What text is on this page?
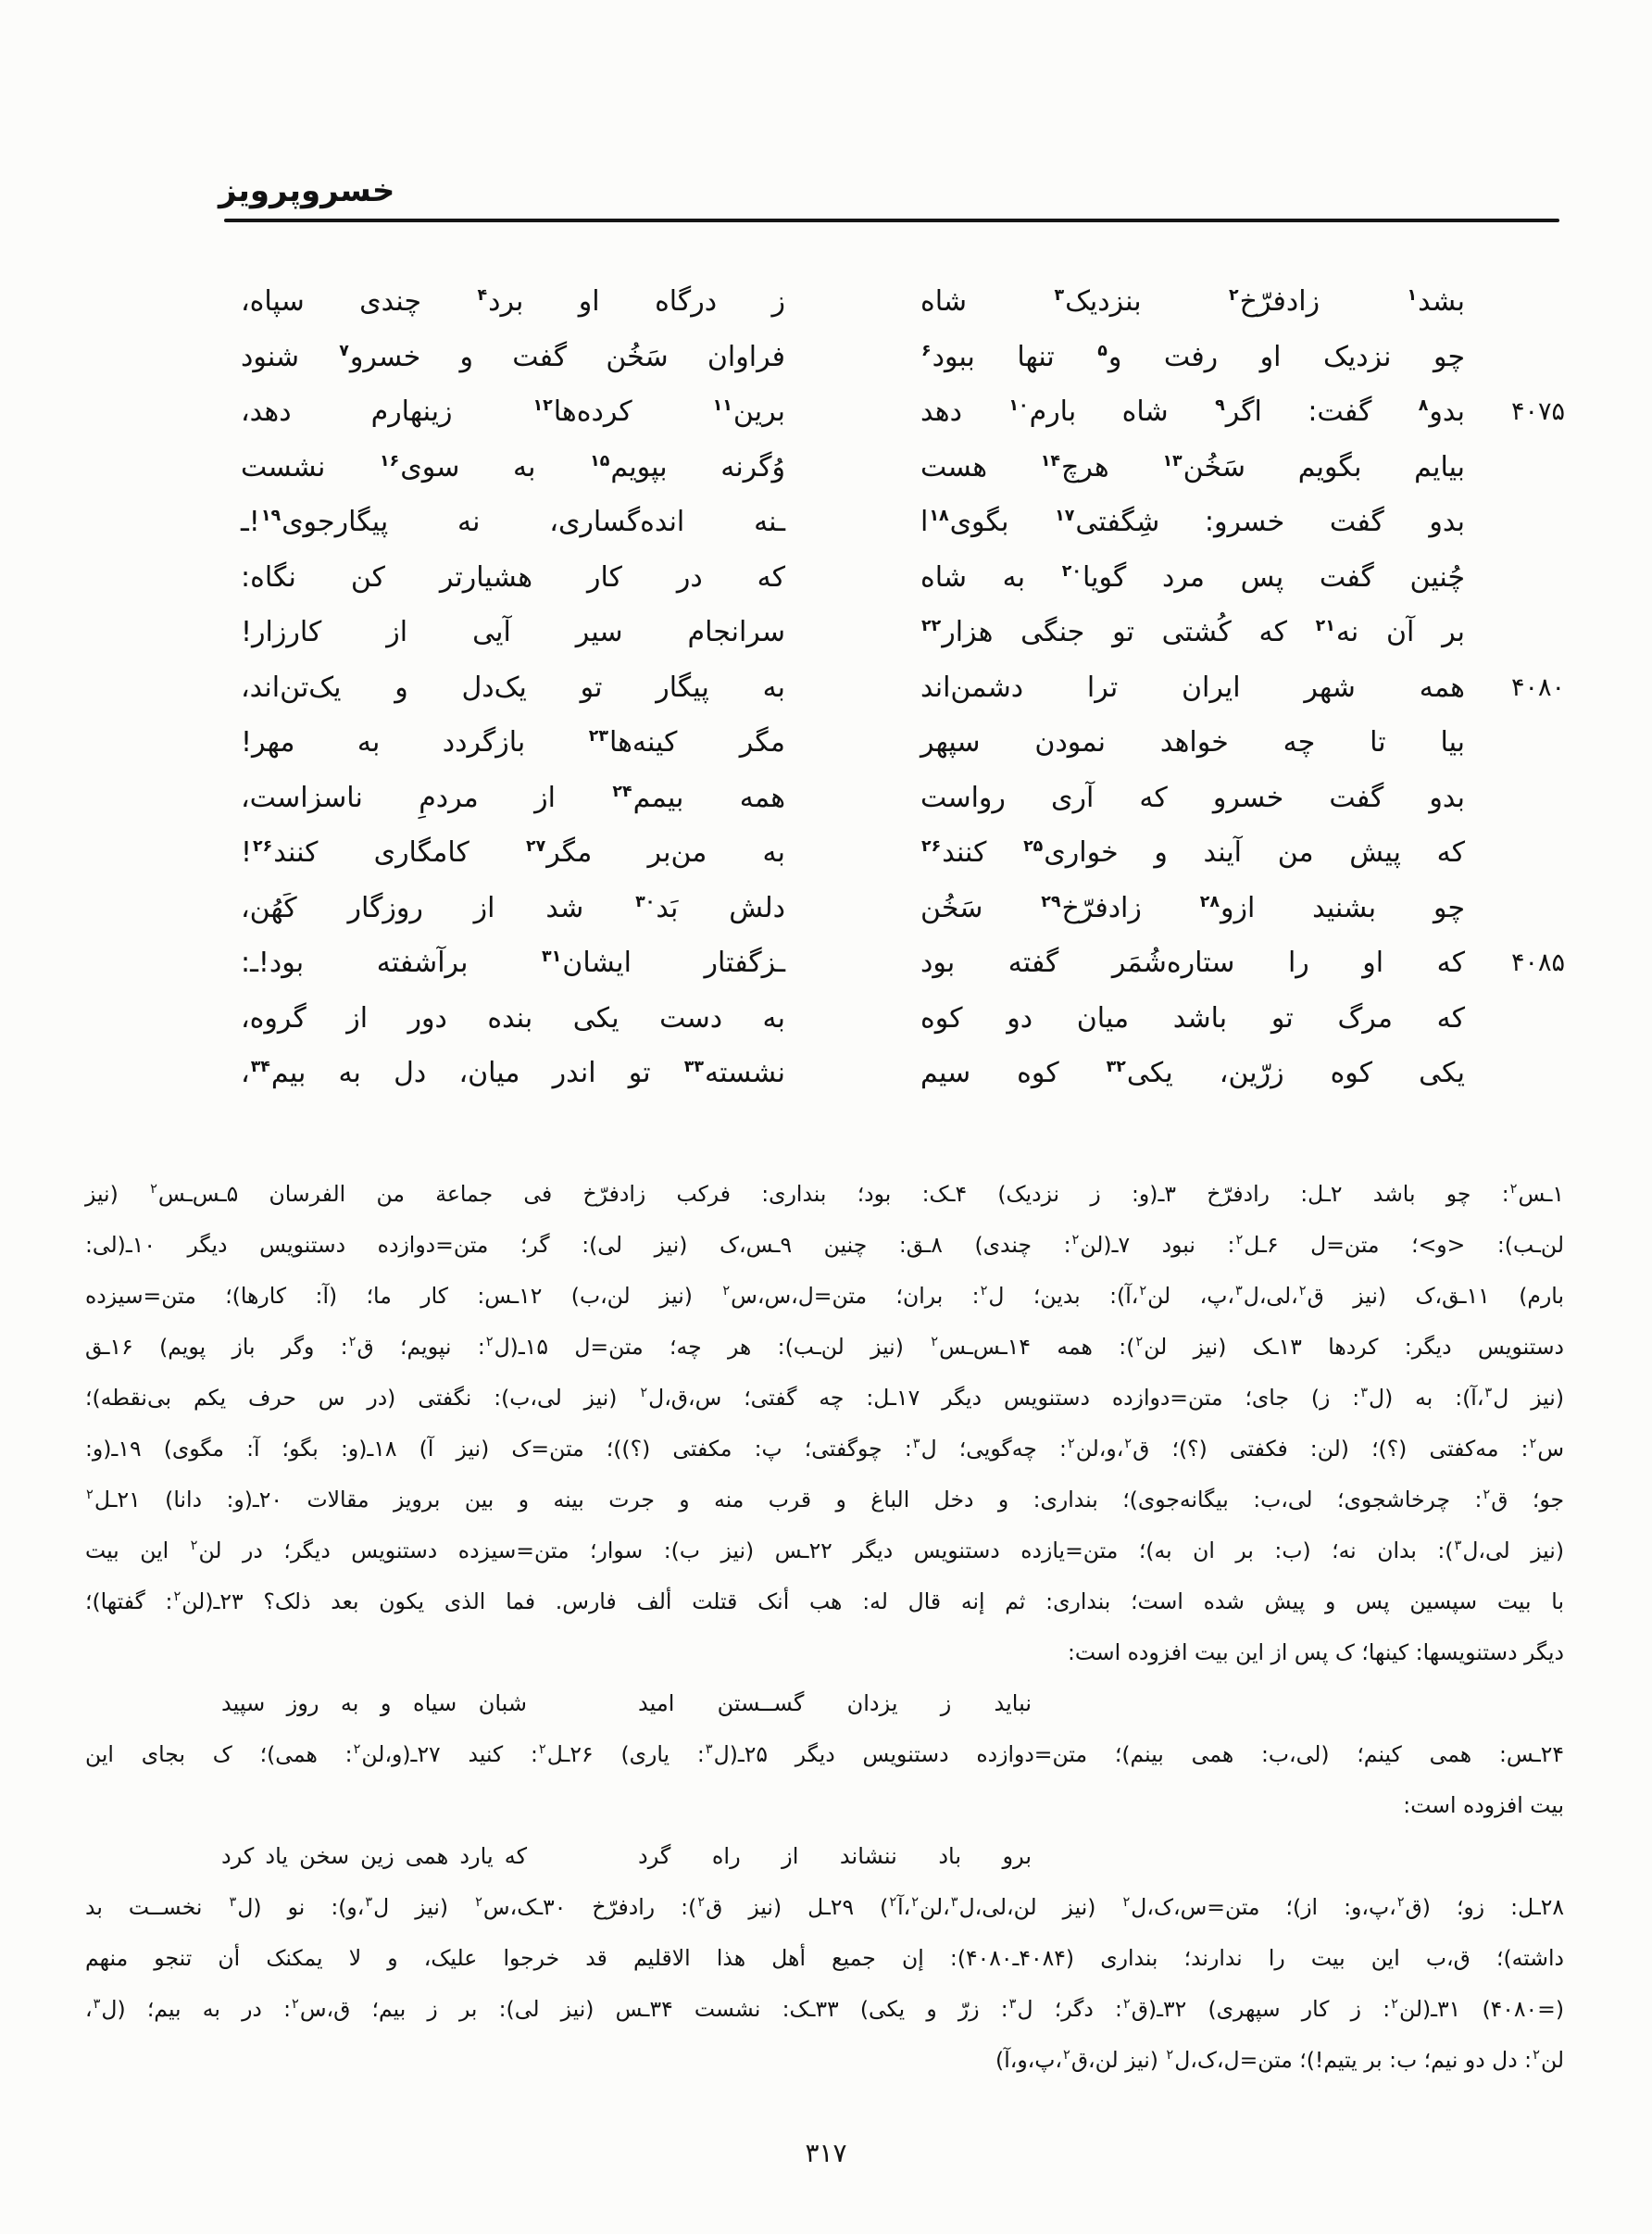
خسروپرویز
بشد$^۱$ زادفرّخ$^۲$ بنزدیک$^۳$ شاه
ز درگاه او برد$^۴$ چندی سپاه،
چو نزدیک او رفت و$^۵$ تنها ببود$^۶$
فراوان سَخُن گفت و خسرو$^۷$ شنود
۴۰۷۵
بدو$^۸$ گفت: اگر$^۹$ شاه بارم$^{۱۰}$ دهد
برین$^{۱۱}$ کرده‌ها$^{۱۲}$ زینهارم دهد،
بیایم بگویم سَخُن$^{۱۳}$ هرچ$^{۱۴}$ هست
وُگرنه بپویم$^{۱۵}$ به سوی$^{۱۶}$ نشست
بدو گفت خسرو: شِگفتی$^{۱۷}$ بگوی$^{۱۸}$ا
ـنه انده‌گساری، نه پیگارجوی$^{۱۹}$!ـ
چُنین گفت پس مرد گویا$^{۲۰}$ به شاه
که در کار هشیارتر کن نگاه:
بر آن نه$^{۲۱}$ که کُشتی تو جنگی هزار$^{۲۲}$
سرانجام سیر آیی از کارزار!
۴۰۸۰
همه شهر ایران ترا دشمن‌اند
به پیگار تو یک‌دل و یک‌تن‌اند،
بیا تا چه خواهد نمودن سپهر
مگر کینه‌ها$^{۲۳}$ بازگردد به مهر!
بدو گفت خسرو که آری رواست
همه بیمم$^{۲۴}$ از مردمِ ناسزاست،
که پیش من آیند و خواری$^{۲۵}$ کنند$^{۲۶}$
به من‌بر مگر$^{۲۷}$ کامگاری کنند$^{۲۶}$!
چو بشنید ازو$^{۲۸}$ زادفرّخ$^{۲۹}$ سَخُن
دلش بَد$^{۳۰}$ شد از روزگار کَهُن،
۴۰۸۵
که او را ستاره‌شُمَر گفته بود
ـزگفتار ایشان$^{۳۱}$ برآشفته بود!ـ:
که مرگ تو باشد میان دو کوه
به دست یکی بنده دور از گروه،
یکی کوه زرّین، یکی$^{۳۲}$ کوه سیم
نشسته$^{۳۳}$ تو اندر میان، دل به بیم$^{۳۴}$،
۱ـس$^۲$: چو باشد ۲ـل: رادفرّخ ۳ـ(و: ز نزدیک) ۴ـک: بود؛ بنداری: فرکب زادفرّخ فی جماعة من الفرسان ۵ـس‌ـس$^۲$ (نیز
لن‌ـب): <و>؛ متن=ل ۶ـل$^۲$: نبود ۷ـ(لن$^۲$: چندی) ۸ـق: چنین ۹ـس،ک (نیز لی): گر؛ متن=دوازده دستنویس دیگر ۱۰ـ(لی:
بارم) ۱۱ـق،ک (نیز ق$^۲$،لی،ل$^۳$،پ، لن$^۲$،آ): بدین؛ ل$^۲$: بران؛ متن=ل،س،س$^۲$ (نیز لن،ب) ۱۲ـس: کار ما؛ (آ: کارها)؛ متن=سیزده
دستنویس دیگر: کردها ۱۳ـک (نیز لن$^۲$): همه ۱۴ـس‌ـس$^۲$ (نیز لن‌ـب): هر چه؛ متن=ل ۱۵ـ(ل$^۲$: نپویم؛ ق$^۲$: وگر باز پویم) ۱۶ـق
(نیز ل$^۳$،آ): به (ل$^۳$: ز) جای؛ متن=دوازده دستنویس دیگر ۱۷ـل: چه گفتی؛ س،ق،ل$^۲$ (نیز لی،ب): نگفتی (در س حرف یکم بی‌نقطه)؛
س$^۲$: مه‌کفتی (؟)؛ (لن: فکفتی (؟)؛ ق$^۲$،و،لن$^۲$: چه‌گویی؛ ل$^۳$: چوگفتی؛ پ: مکفتی (؟))؛ متن=ک (نیز آ) ۱۸ـ(و: بگو؛ آ: مگوی) ۱۹ـ(و:
جو؛ ق$^۲$: چرخاشجوی؛ لی،ب: بیگانه‌جوی)؛ بنداری: و دخل الباغ و قرب منه و جرت بینه و بین برویز مقالات ۲۰ـ(و: دانا) ۲۱ـل$^۲$
(نیز لی،ل$^۳$): بدان نه؛ (ب: بر ان به)؛ متن=یازده دستنویس دیگر ۲۲ـس (نیز ب): سوار؛ متن=سیزده دستنویس دیگر؛ در لن$^۲$ این بیت
با بیت سپسین پس و پیش شده است؛ بنداری: ثم إنه قال له: هب أنک قتلت ألف فارس. فما الذی یکون بعد ذلک؟ ۲۳ـ(لن$^۲$: گفتها)؛
دیگر دستنویسها: کینها؛ ک پس از این بیت افزوده است:
نباید ز یزدان گســستن امید
شبان سیاه و به روز سپید
۲۴ـس: همی کینم؛ (لی،ب: همی بینم)؛ متن=دوازده دستنویس دیگر ۲۵ـ(ل$^۳$: یاری) ۲۶ـل$^۲$: کنید ۲۷ـ(و،لن$^۲$: همی)؛ ک بجای این
بیت افزوده است:
برو باد ننشاند از راه گرد
که یارد همی زین سخن یاد کرد
۲۸ـل: زو؛ (ق$^۲$،پ،و: از)؛ متن=س،ک،ل$^۲$ (نیز لن،لی،ل$^۳$،لن$^۲$،آ$^۲$) ۲۹ـل (نیز ق$^۲$): رادفرّخ ۳۰ـک،س$^۲$ (نیز ل$^۳$،و): نو (ل$^۳$ نخســت بد
داشته)؛ ق،ب این بیت را ندارند؛ بنداری (۴۰۸۴ـ۴۰۸۰): إن جمیع أهل هذا الاقلیم قد خرجوا علیک، و لا یمکنک أن تنجو منهم
(=۴۰۸۰) ۳۱ـ(لن$^۲$: ز کار سپهری) ۳۲ـ(ق$^۲$: دگر؛ ل$^۳$: زرّ و یکی) ۳۳ـک: نشست ۳۴ـس (نیز لی): بر ز بیم؛ ق،س$^۲$: در به بیم؛ (ل$^۳$،
لن$^۲$: دل دو نیم؛ ب: بر یتیم!)؛ متن=ل،ک،ل$^۲$ (نیز لن،ق$^۲$،پ،و،آ)
۳۱۷
